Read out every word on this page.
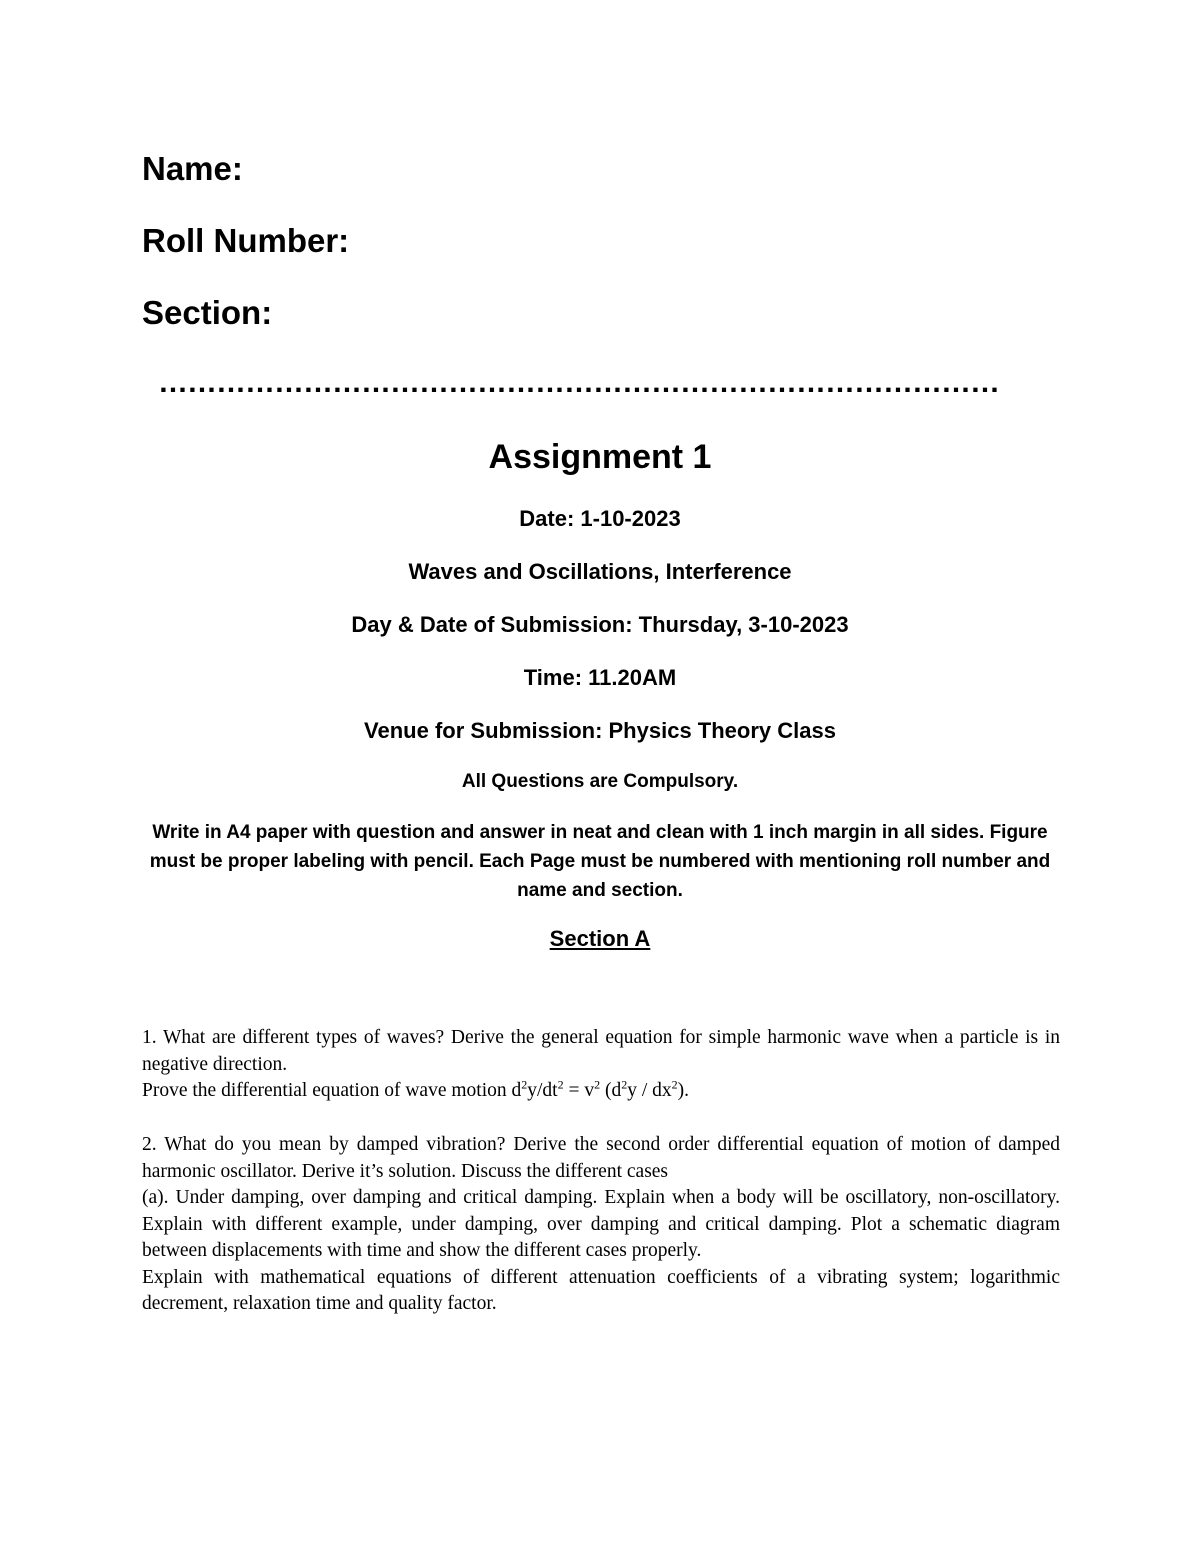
Name:
Roll Number:
Section:
……………………………………………………………………………
Assignment 1
Date: 1-10-2023
Waves and Oscillations, Interference
Day & Date of Submission: Thursday, 3-10-2023
Time: 11.20AM
Venue for Submission: Physics Theory Class
All Questions are Compulsory.
Write in A4 paper with question and answer in neat and clean with 1 inch margin in all sides. Figure must be proper labeling with pencil. Each Page must be numbered with mentioning roll number and name and section.
Section A

1. What are different types of waves? Derive the general equation for simple harmonic wave when a particle is in negative direction.

Prove the differential equation of wave motion $d^2y/dt^2 = v^2$ $(d^2y / dx^2)$.

2. What do you mean by damped vibration? Derive the second order differential equation of motion of damped harmonic oscillator. Derive it’s solution. Discuss the different cases

(a). Under damping, over damping and critical damping. Explain when a body will be oscillatory, non-oscillatory. Explain with different example, under damping, over damping and critical damping. Plot a schematic diagram between displacements with time and show the different cases properly.

Explain with mathematical equations of different attenuation coefficients of a vibrating system; logarithmic decrement, relaxation time and quality factor.
